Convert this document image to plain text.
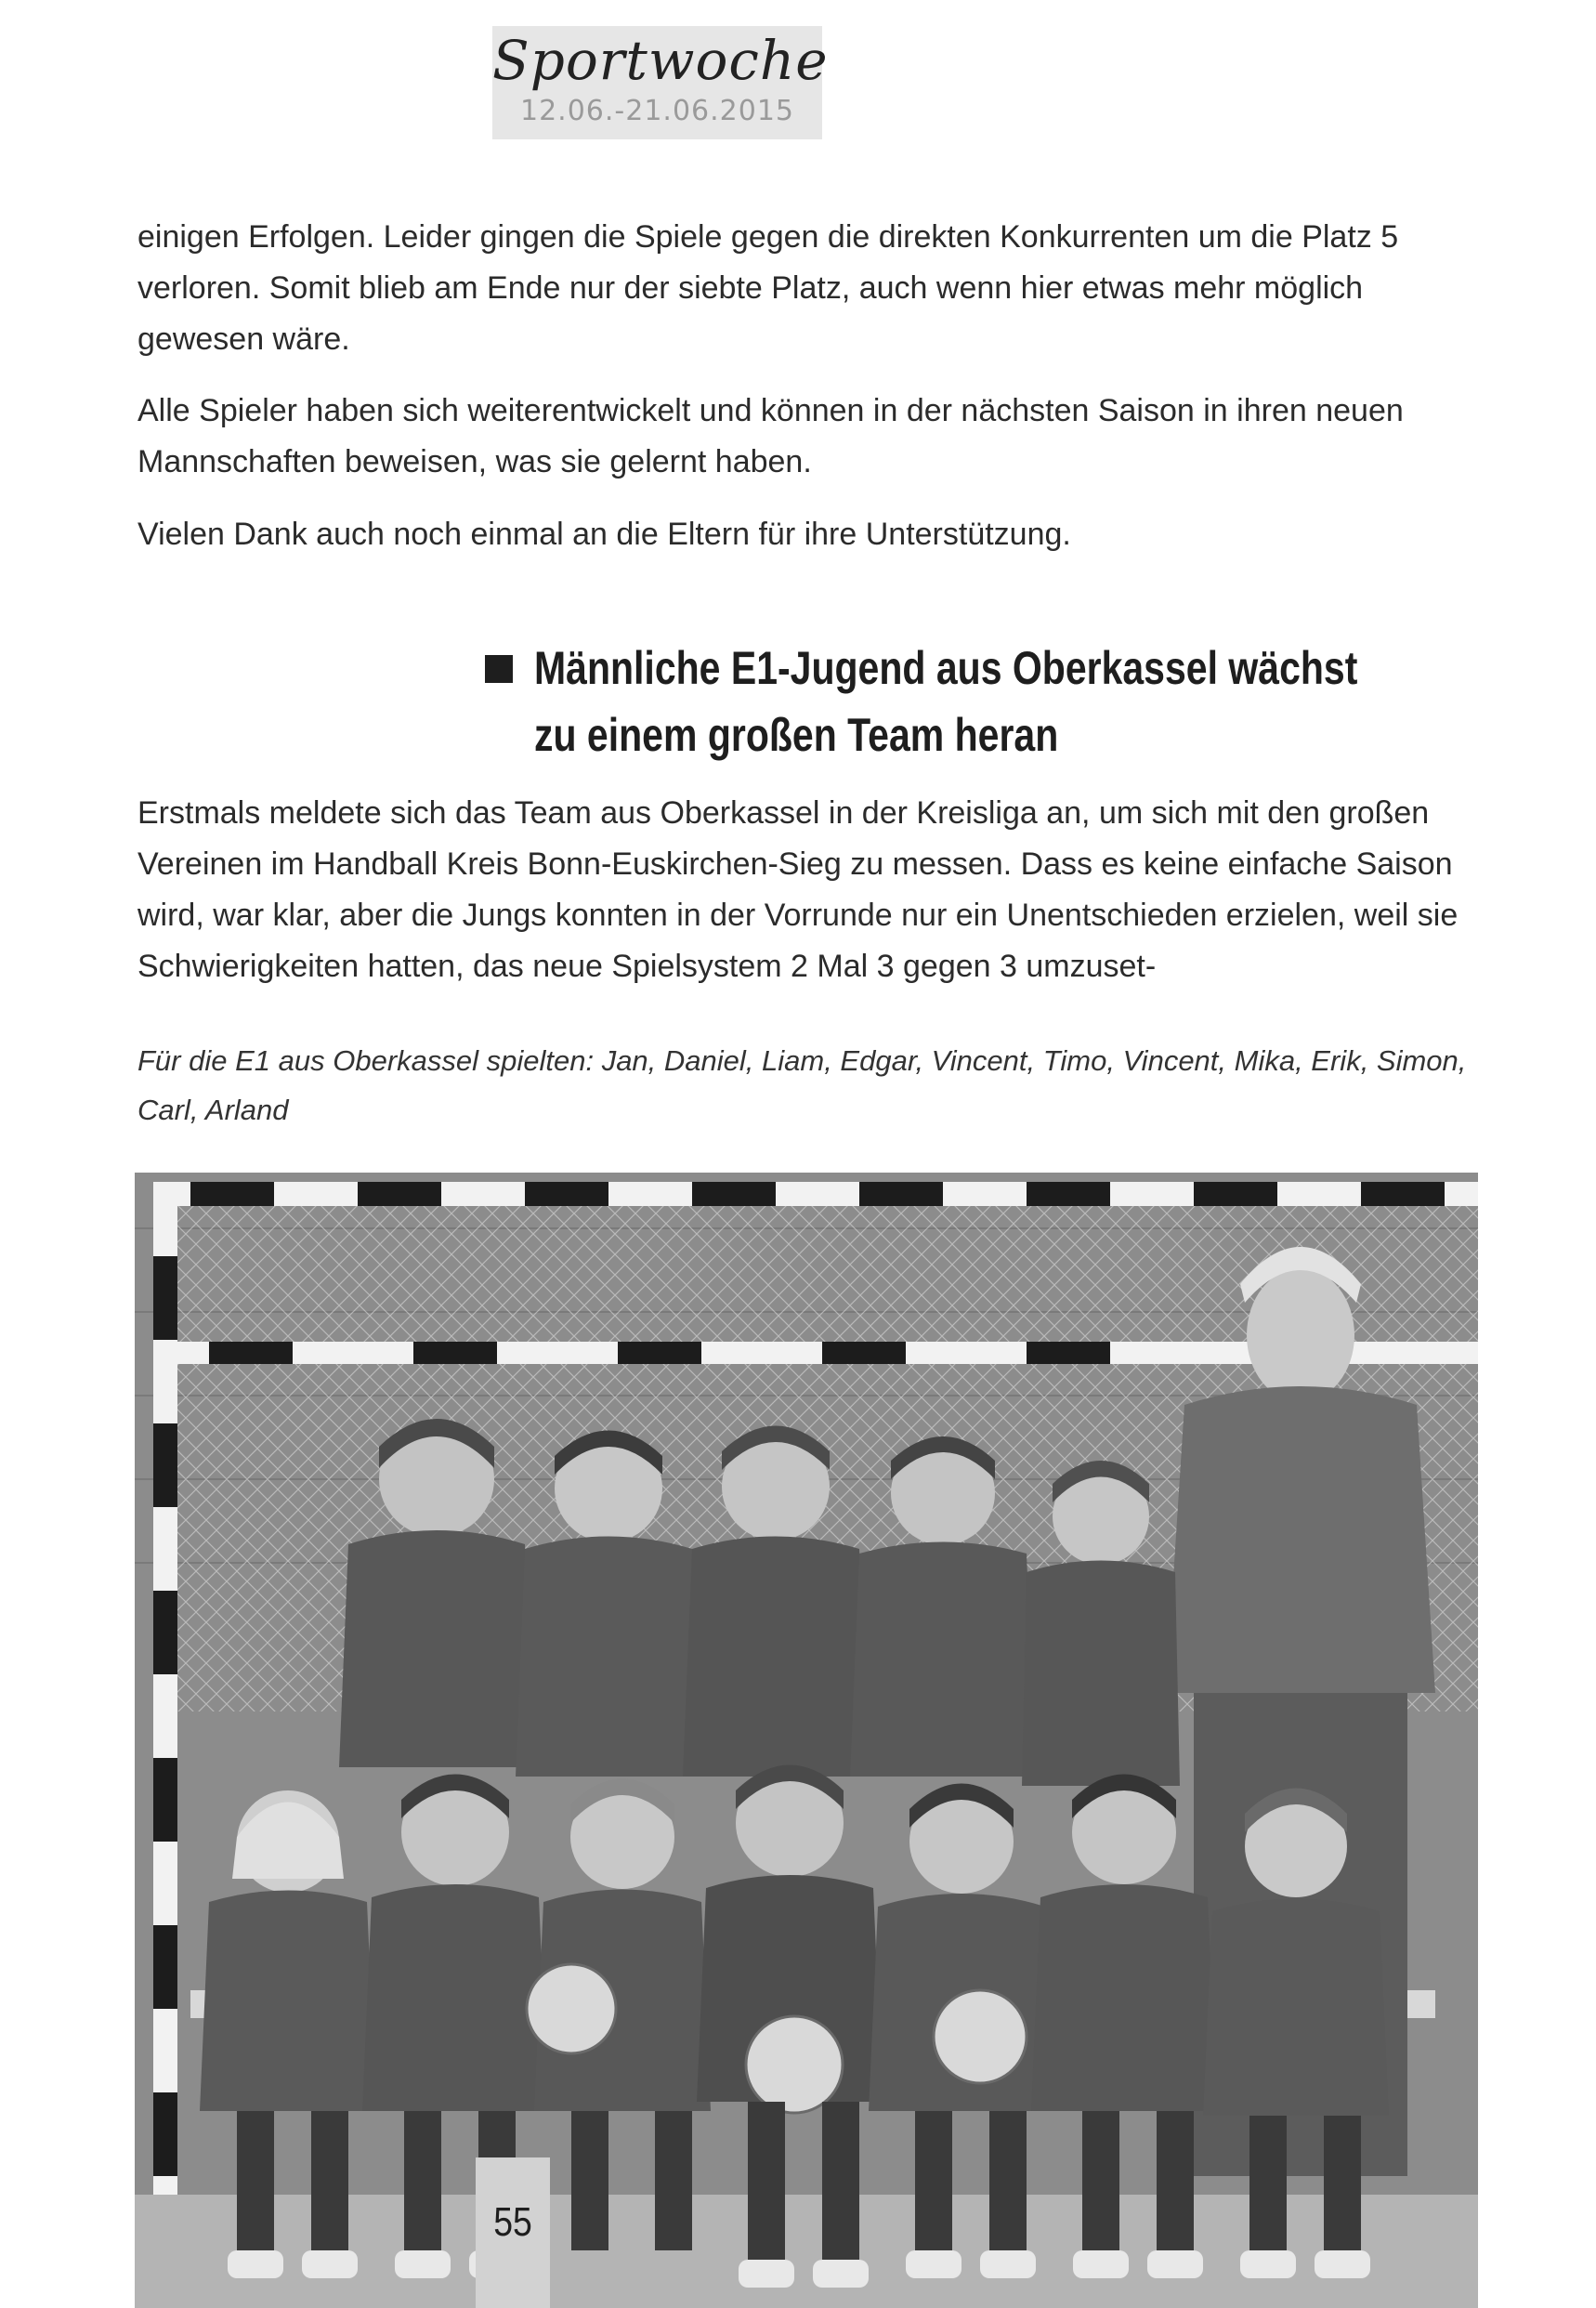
Sportwoche
12.06.-21.06.2015

einigen Erfolgen. Leider gingen die Spiele gegen die direkten Konkurrenten um die Platz 5 verloren. Somit blieb am Ende nur der siebte Platz, auch wenn hier etwas mehr möglich gewesen wäre.

Alle Spieler haben sich weiterentwickelt und können in der nächsten Saison in ihren neuen Mannschaften beweisen, was sie gelernt haben.

Vielen Dank auch noch einmal an die Eltern für ihre Unterstützung.

Männliche E1-Jugend aus Oberkassel wächst
zu einem großen Team heran

Erstmals meldete sich das Team aus Oberkassel in der Kreisliga an, um sich mit den großen Vereinen im Handball Kreis Bonn-Euskirchen-Sieg zu messen. Dass es keine einfache Saison wird, war klar, aber die Jungs konnten in der Vorrunde nur ein Unentschieden erzielen, weil sie Schwierigkeiten hatten, das neue Spielsystem 2 Mal 3 gegen 3 umzuset-

Für die E1 aus Oberkassel spielten: Jan, Daniel, Liam, Edgar, Vincent, Timo, Vincent, Mika, Erik, Simon, Carl, Arland

55
